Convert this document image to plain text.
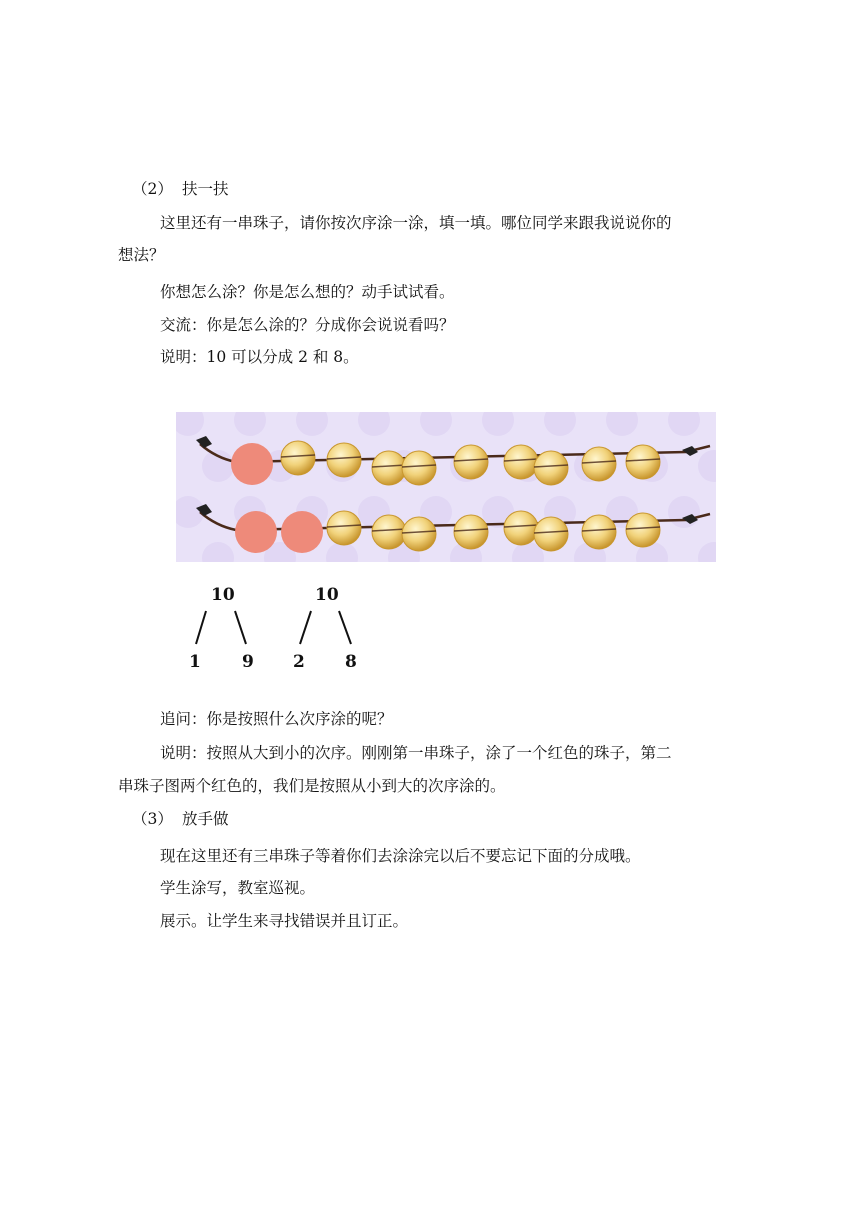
（2） 扶一扶
这里还有一串珠子，请你按次序涂一涂，填一填。哪位同学来跟我说说你的
想法？
你想怎么涂？你是怎么想的？动手试试看。
交流：你是怎么涂的？分成你会说说看吗？
说明：10 可以分成 2 和 8。
10
1 9
10
2 8
追问：你是按照什么次序涂的呢？
说明：按照从大到小的次序。刚刚第一串珠子，涂了一个红色的珠子，第二
串珠子图两个红色的，我们是按照从小到大的次序涂的。
（3） 放手做
现在这里还有三串珠子等着你们去涂涂完以后不要忘记下面的分成哦。
学生涂写，教室巡视。
展示。让学生来寻找错误并且订正。
